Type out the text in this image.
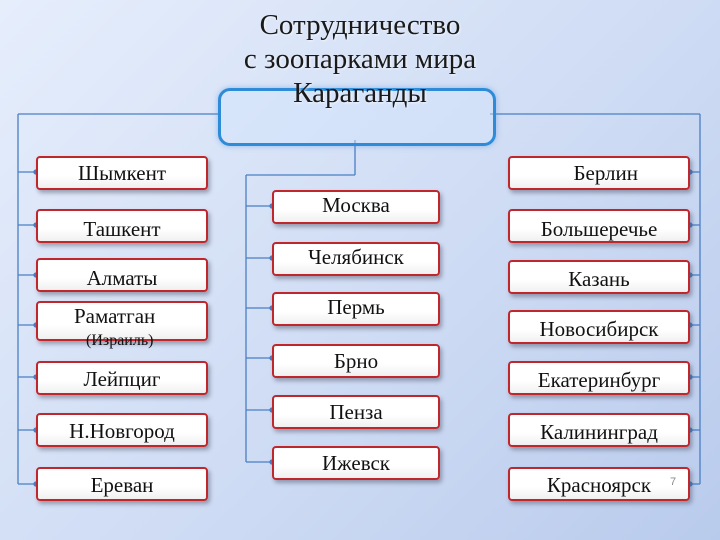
Сотрудничество
с зоопарками мира
Караганды
Шымкент
Ташкент
Алматы
Раматган
(Израиль)
Лейпциг
Н.Новгород
Ереван
Москва
Челябинск
Пермь
Брно
Пенза
Ижевск
Берлин
Большеречье
Казань
Новосибирск
Екатеринбург
Калининград
Красноярск	7
